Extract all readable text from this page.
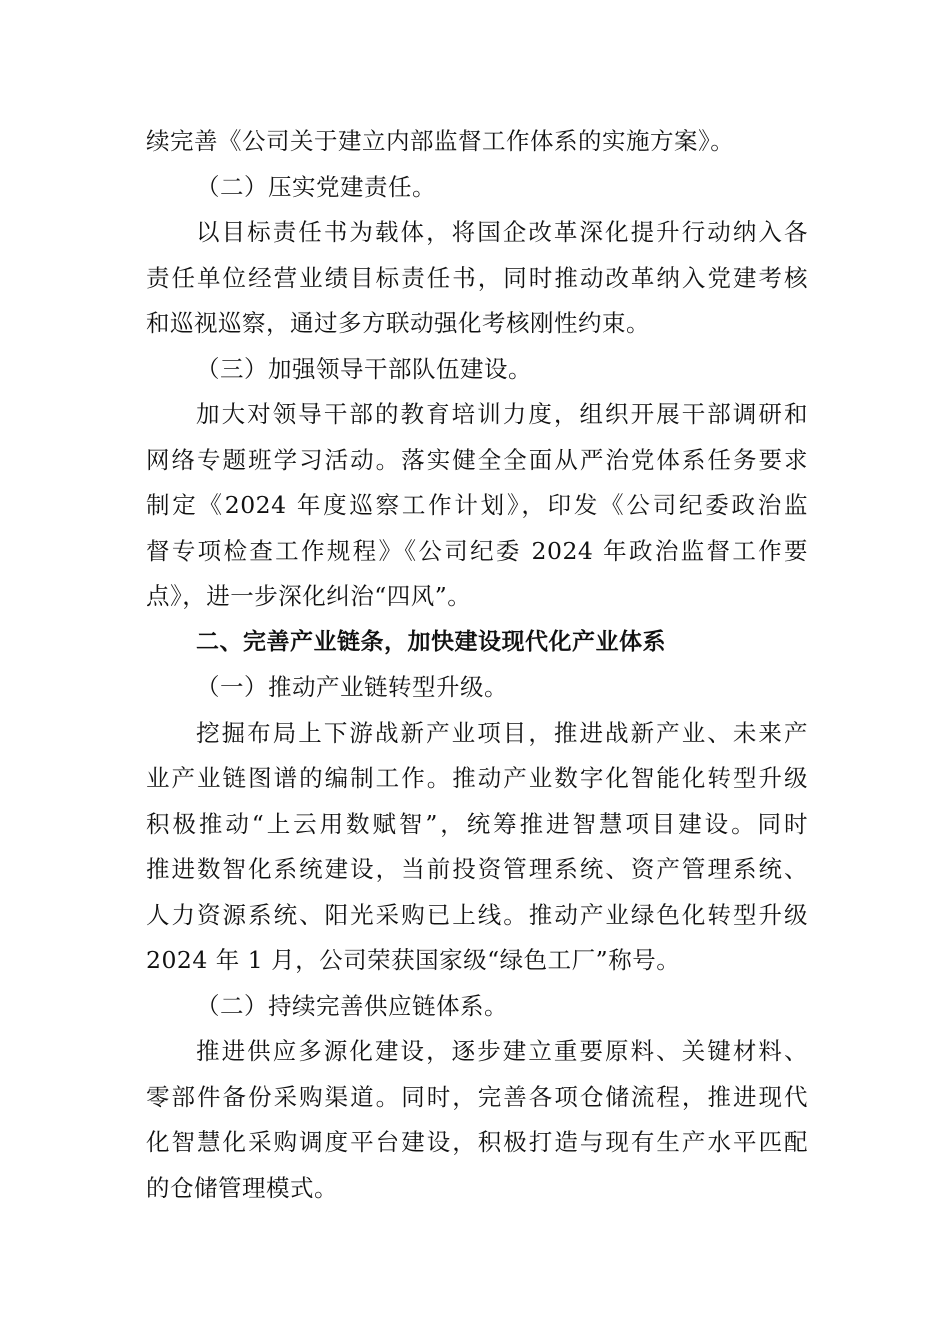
续完善《公司关于建立内部监督工作体系的实施方案》。

（二）压实党建责任。

以目标责任书为载体，将国企改革深化提升行动纳入各
责任单位经营业绩目标责任书，同时推动改革纳入党建考核
和巡视巡察，通过多方联动强化考核刚性约束。

（三）加强领导干部队伍建设。

加大对领导干部的教育培训力度，组织开展干部调研和
网络专题班学习活动。落实健全全面从严治党体系任务要求
制定《2024 年度巡察工作计划》，印发《公司纪委政治监
督专项检查工作规程》《公司纪委 2024 年政治监督工作要
点》，进一步深化纠治“四风”。

二、完善产业链条，加快建设现代化产业体系

（一）推动产业链转型升级。

挖掘布局上下游战新产业项目，推进战新产业、未来产
业产业链图谱的编制工作。推动产业数字化智能化转型升级
积极推动“上云用数赋智”，统筹推进智慧项目建设。同时
推进数智化系统建设，当前投资管理系统、资产管理系统、
人力资源系统、阳光采购已上线。推动产业绿色化转型升级
2024 年 1 月，公司荣获国家级“绿色工厂”称号。

（二）持续完善供应链体系。

推进供应多源化建设，逐步建立重要原料、关键材料、
零部件备份采购渠道。同时，完善各项仓储流程，推进现代
化智慧化采购调度平台建设，积极打造与现有生产水平匹配
的仓储管理模式。
